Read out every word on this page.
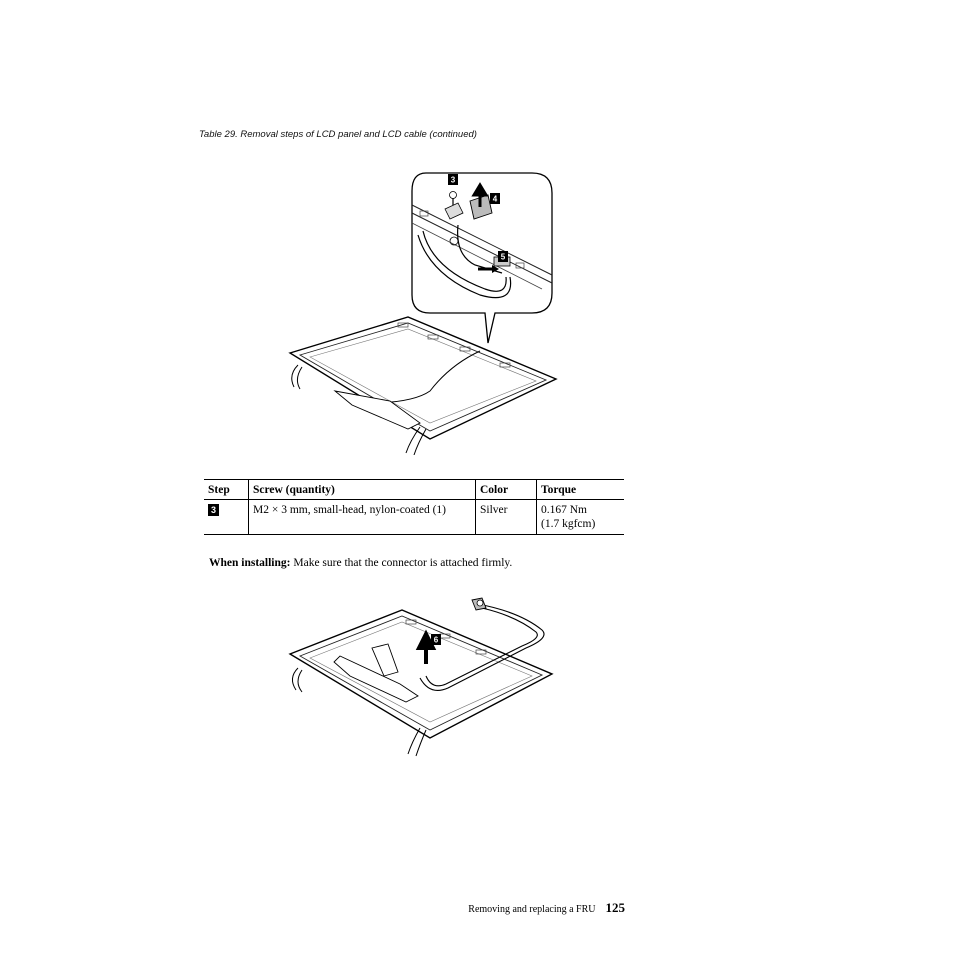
Table 29. Removal steps of LCD panel and LCD cable (continued)
3
4
5
Step	Screw (quantity)	Color	Torque
3	M2 × 3 mm, small-head, nylon-coated (1)	Silver	0.167 Nm
(1.7 kgfcm)
When installing: Make sure that the connector is attached firmly.
6
Removing and replacing a FRU 125
